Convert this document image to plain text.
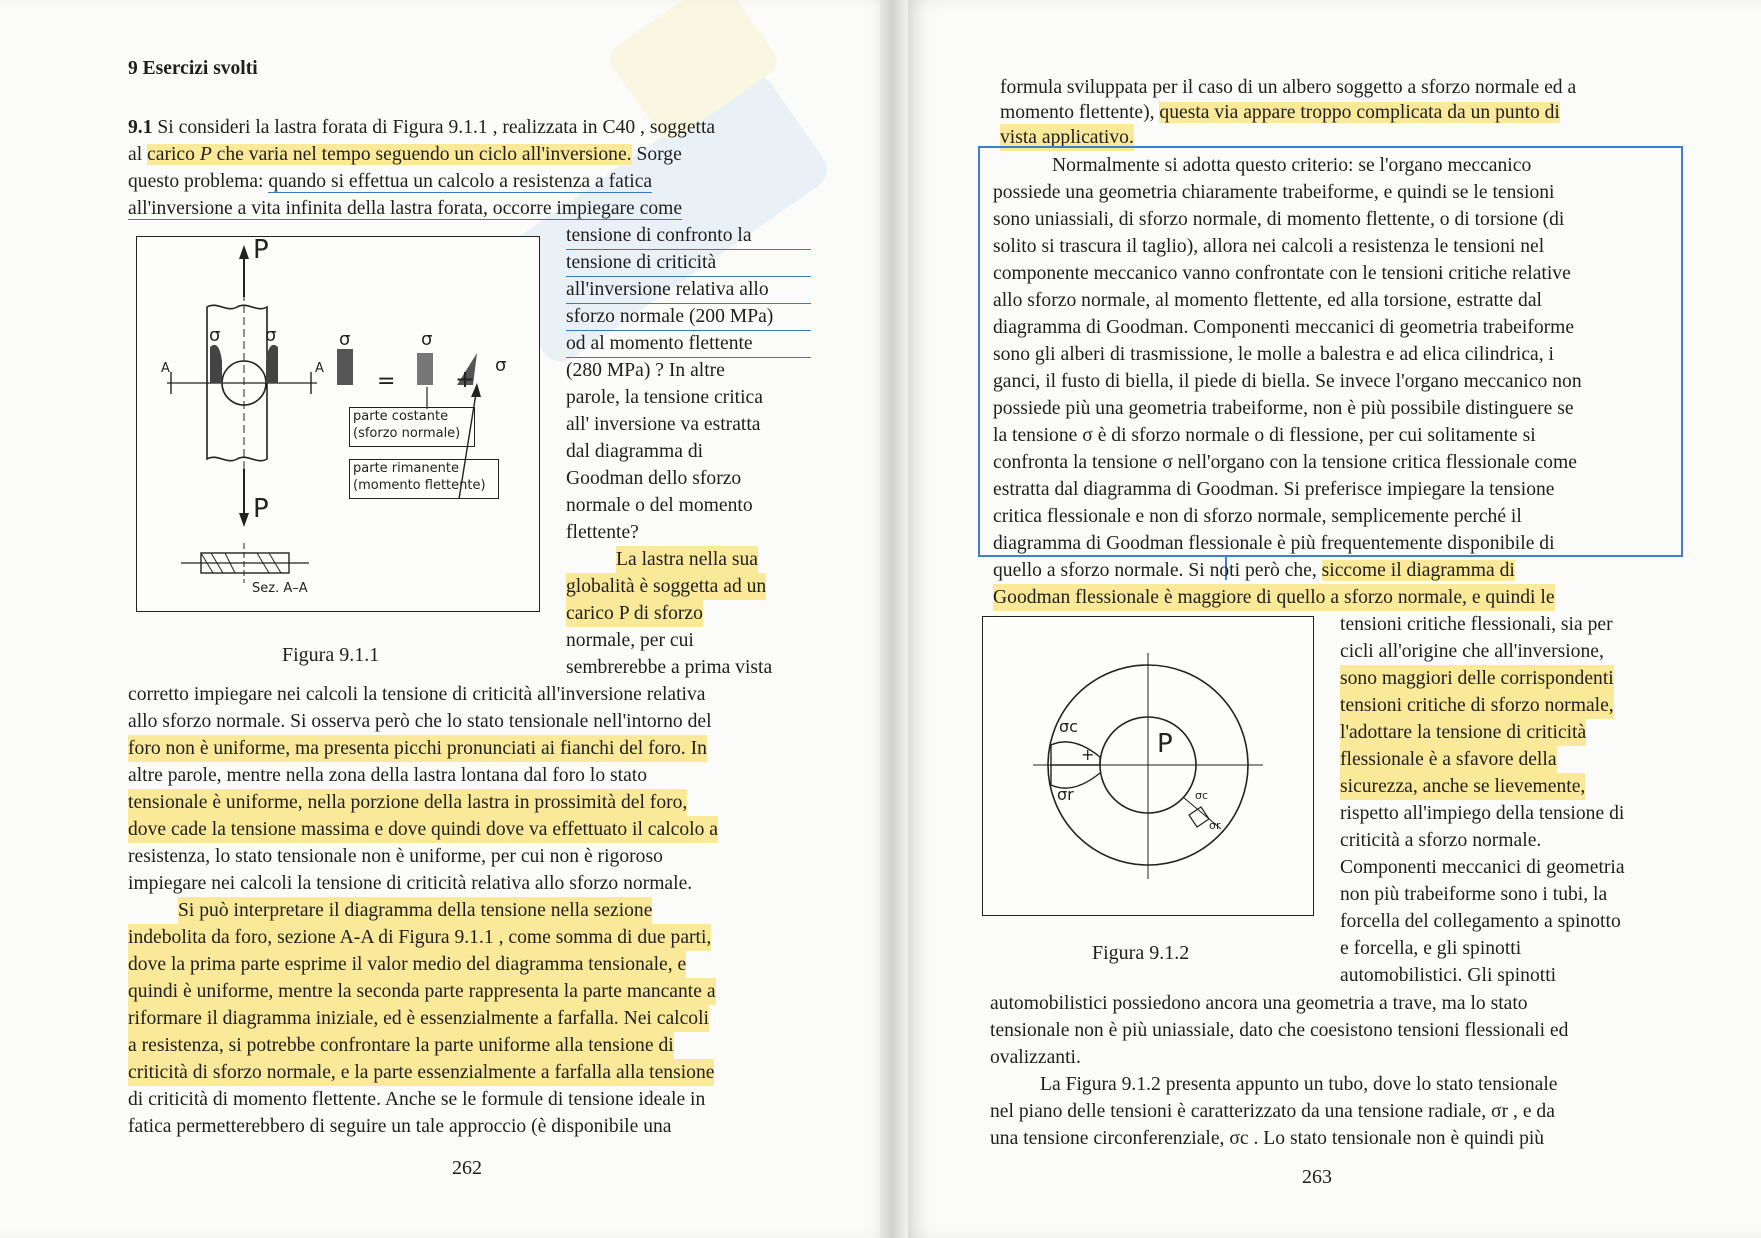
9 Esercizi svolti
9.1 Si consideri la lastra forata di Figura 9.1.1 , realizzata in C40 , soggetta
al carico P che varia nel tempo seguendo un ciclo all'inversione. Sorge
questo problema: quando si effettua un calcolo a resistenza a fatica
all'inversione a vita infinita della lastra forata, occorre impiegare come
tensione di confronto la
tensione di criticità
all'inversione relativa allo
sforzo normale (200 MPa)
od al momento flettente
(280 MPa) ? In altre
parole, la tensione critica
all' inversione va estratta
dal diagramma di
Goodman dello sforzo
normale o del momento
flettente?
La lastra nella sua
globalità è soggetta ad un
carico P di sforzo
normale, per cui
sembrerebbe a prima vista
corretto impiegare nei calcoli la tensione di criticità all'inversione relativa
allo sforzo normale. Si osserva però che lo stato tensionale nell'intorno del
foro non è uniforme, ma presenta picchi pronunciati ai fianchi del foro. In
altre parole, mentre nella zona della lastra lontana dal foro lo stato
tensionale è uniforme, nella porzione della lastra in prossimità del foro,
dove cade la tensione massima e dove quindi dove va effettuato il calcolo a
resistenza, lo stato tensionale non è uniforme, per cui non è rigoroso
impiegare nei calcoli la tensione di criticità relativa allo sforzo normale.
Si può interpretare il diagramma della tensione nella sezione
indebolita da foro, sezione A-A di Figura 9.1.1 , come somma di due parti,
dove la prima parte esprime il valor medio del diagramma tensionale, e
quindi è uniforme, mentre la seconda parte rappresenta la parte mancante a
riformare il diagramma iniziale, ed è essenzialmente a farfalla. Nei calcoli
a resistenza, si potrebbe confrontare la parte uniforme alla tensione di
criticità di sforzo normale, e la parte essenzialmente a farfalla alla tensione
di criticità di momento flettente. Anche se le formule di tensione ideale in
fatica permetterebbero di seguire un tale approccio (è disponibile una
P
P
σ σ
A	A
σ	σ
σ
= +
parte costante
(sforzo normale)
parte rimanente
(momento flettente)
Sez. A–A
Figura 9.1.1
262
formula sviluppata per il caso di un albero soggetto a sforzo normale ed a
momento flettente), questa via appare troppo complicata da un punto di
vista applicativo.
Normalmente si adotta questo criterio: se l'organo meccanico
possiede una geometria chiaramente trabeiforme, e quindi se le tensioni
sono uniassiali, di sforzo normale, di momento flettente, o di torsione (di
solito si trascura il taglio), allora nei calcoli a resistenza le tensioni nel
componente meccanico vanno confrontate con le tensioni critiche relative
allo sforzo normale, al momento flettente, ed alla torsione, estratte dal
diagramma di Goodman. Componenti meccanici di geometria trabeiforme
sono gli alberi di trasmissione, le molle a balestra e ad elica cilindrica, i
ganci, il fusto di biella, il piede di biella. Se invece l'organo meccanico non
possiede più una geometria trabeiforme, non è più possibile distinguere se
la tensione σ è di sforzo normale o di flessione, per cui solitamente si
confronta la tensione σ nell'organo con la tensione critica flessionale come
estratta dal diagramma di Goodman. Si preferisce impiegare la tensione
critica flessionale e non di sforzo normale, semplicemente perché il
diagramma di Goodman flessionale è più frequentemente disponibile di
quello a sforzo normale. Si noti però che, siccome il diagramma di
Goodman flessionale è maggiore di quello a sforzo normale, e quindi le
tensioni critiche flessionali, sia per
cicli all'origine che all'inversione,
sono maggiori delle corrispondenti
tensioni critiche di sforzo normale,
l'adottare la tensione di criticità
flessionale è a sfavore della
sicurezza, anche se lievemente,
rispetto all'impiego della tensione di
criticità a sforzo normale.
Componenti meccanici di geometria
non più trabeiforme sono i tubi, la
forcella del collegamento a spinotto
e forcella, e gli spinotti
automobilistici. Gli spinotti
automobilistici possiedono ancora una geometria a trave, ma lo stato
tensionale non è più uniassiale, dato che coesistono tensioni flessionali ed
ovalizzanti.
La Figura 9.1.2 presenta appunto un tubo, dove lo stato tensionale
nel piano delle tensioni è caratterizzato da una tensione radiale, σr , e da
una tensione circonferenziale, σc . Lo stato tensionale non è quindi più
P
σc
σr
+
σc
σr
Figura 9.1.2
263
